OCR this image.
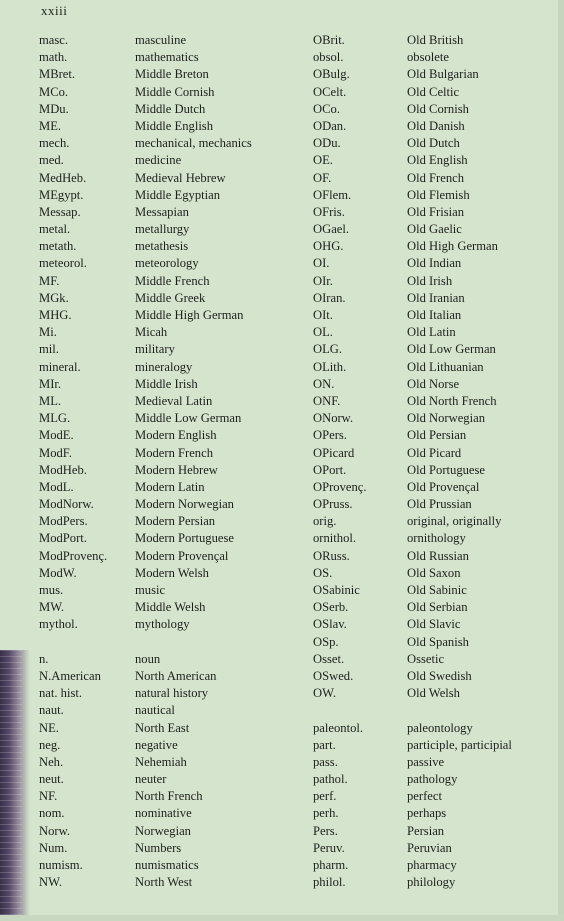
xxiii
masc.
math.
MBret.
MCo.
MDu.
ME.
mech.
med.
MedHeb.
MEgypt.
Messap.
metal.
metath.
meteorol.
MF.
MGk.
MHG.
Mi.
mil.
mineral.
MIr.
ML.
MLG.
ModE.
ModF.
ModHeb.
ModL.
ModNorw.
ModPers.
ModPort.
ModProvenç.
ModW.
mus.
MW.
mythol.
n.
N.American
nat. hist.
naut.
NE.
neg.
Neh.
neut.
NF.
nom.
Norw.
Num.
numism.
NW.
masculine
mathematics
Middle Breton
Middle Cornish
Middle Dutch
Middle English
mechanical, mechanics
medicine
Medieval Hebrew
Middle Egyptian
Messapian
metallurgy
metathesis
meteorology
Middle French
Middle Greek
Middle High German
Micah
military
mineralogy
Middle Irish
Medieval Latin
Middle Low German
Modern English
Modern French
Modern Hebrew
Modern Latin
Modern Norwegian
Modern Persian
Modern Portuguese
Modern Provençal
Modern Welsh
music
Middle Welsh
mythology
noun
North American
natural history
nautical
North East
negative
Nehemiah
neuter
North French
nominative
Norwegian
Numbers
numismatics
North West
OBrit.
obsol.
OBulg.
OCelt.
OCo.
ODan.
ODu.
OE.
OF.
OFlem.
OFris.
OGael.
OHG.
OI.
OIr.
OIran.
OIt.
OL.
OLG.
OLith.
ON.
ONF.
ONorw.
OPers.
OPicard
OPort.
OProvenç.
OPruss.
orig.
ornithol.
ORuss.
OS.
OSabinic
OSerb.
OSlav.
OSp.
Osset.
OSwed.
OW.
paleontol.
part.
pass.
pathol.
perf.
perh.
Pers.
Peruv.
pharm.
philol.
Old British
obsolete
Old Bulgarian
Old Celtic
Old Cornish
Old Danish
Old Dutch
Old English
Old French
Old Flemish
Old Frisian
Old Gaelic
Old High German
Old Indian
Old Irish
Old Iranian
Old Italian
Old Latin
Old Low German
Old Lithuanian
Old Norse
Old North French
Old Norwegian
Old Persian
Old Picard
Old Portuguese
Old Provençal
Old Prussian
original, originally
ornithology
Old Russian
Old Saxon
Old Sabinic
Old Serbian
Old Slavic
Old Spanish
Ossetic
Old Swedish
Old Welsh
paleontology
participle, participial
passive
pathology
perfect
perhaps
Persian
Peruvian
pharmacy
philology
